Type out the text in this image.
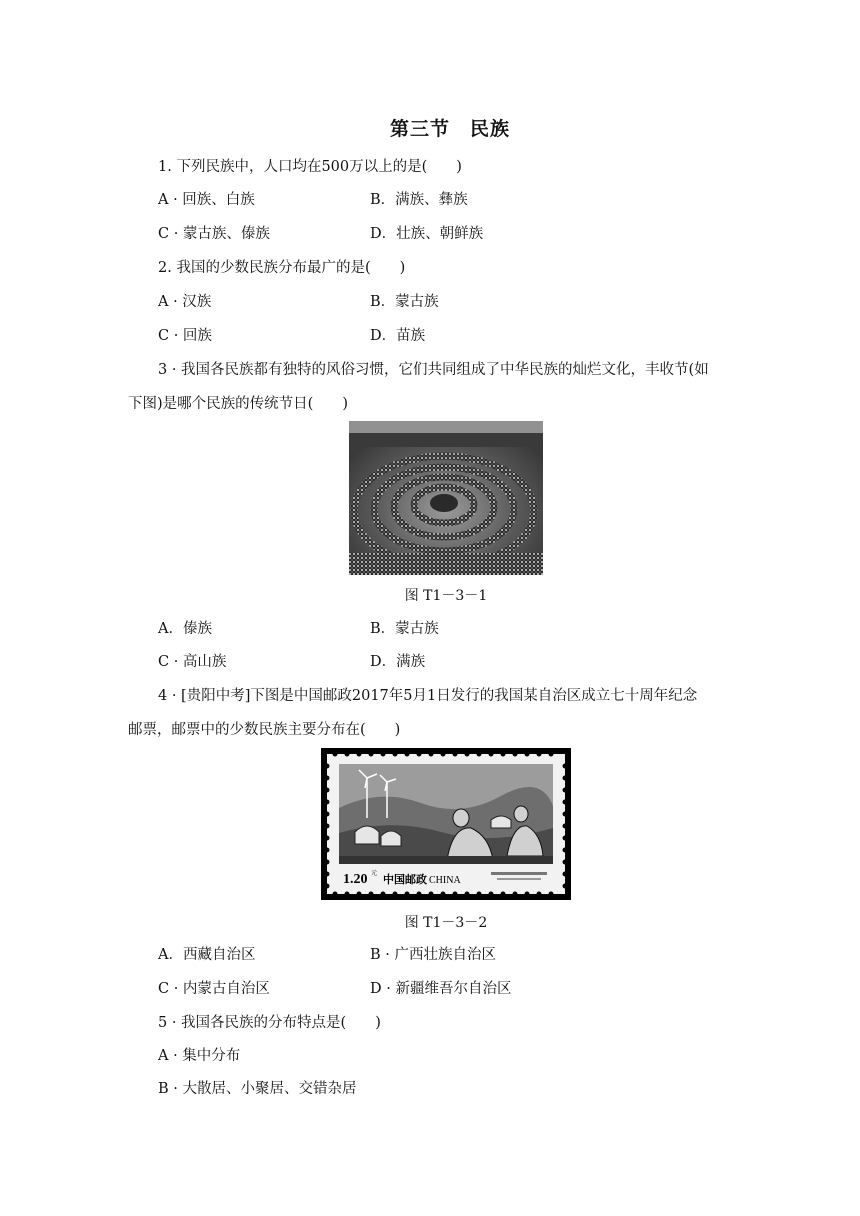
第三节　民族
1. 下列民族中，人口均在500万以上的是(　　)
A · 回族、白族	B．满族、彝族
C · 蒙古族、傣族	D．壮族、朝鲜族
2. 我国的少数民族分布最广的是(　　)
A · 汉族	B．蒙古族
C · 回族	D．苗族
3 · 我国各民族都有独特的风俗习惯，它们共同组成了中华民族的灿烂文化，丰收节(如
下图)是哪个民族的传统节日(　　)
图 T1－3－1
A．傣族	B．蒙古族
C · 高山族	D．满族
4 · [贵阳中考]下图是中国邮政2017年5月1日发行的我国某自治区成立七十周年纪念
邮票，邮票中的少数民族主要分布在(　　)
1.20 元 中国邮政 CHINA
图 T1－3－2
A．西藏自治区	B · 广西壮族自治区
C · 内蒙古自治区	D · 新疆维吾尔自治区
5 · 我国各民族的分布特点是(　　)
A · 集中分布
B · 大散居、小聚居、交错杂居
